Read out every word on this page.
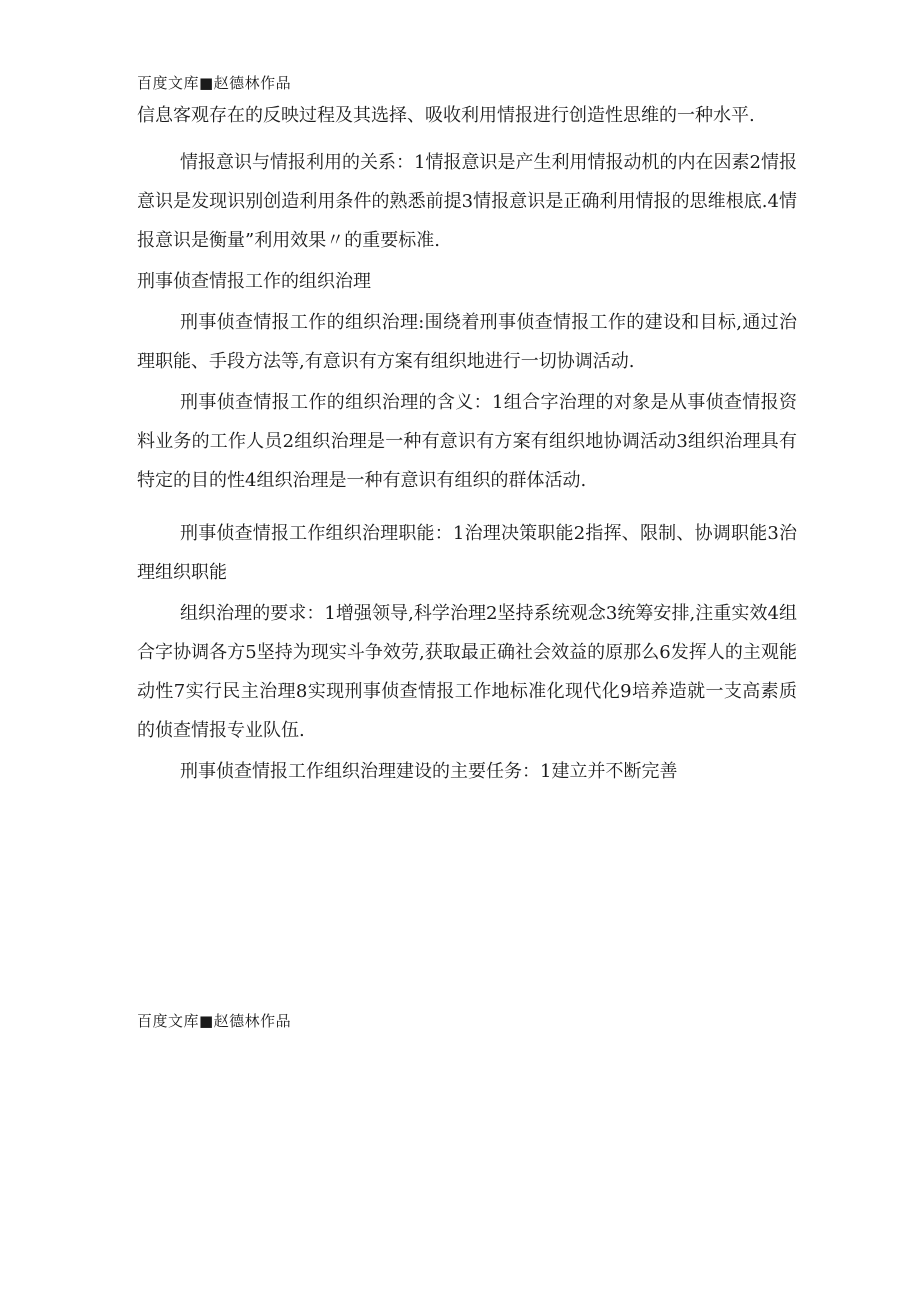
百度文库■赵德林作品

信息客观存在的反映过程及其选择、吸收利用情报进行创造性思维的一种水平.

情报意识与情报利用的关系：1情报意识是产生利用情报动机的内在因素2情报意识是发现识别创造利用条件的熟悉前提3情报意识是正确利用情报的思维根底.4情报意识是衡量”利用效果〃的重要标准.

刑事侦查情报工作的组织治理

刑事侦查情报工作的组织治理:围绕着刑事侦查情报工作的建设和目标,通过治理职能、手段方法等,有意识有方案有组织地进行一切协调活动.

刑事侦查情报工作的组织治理的含义：1组合字治理的对象是从事侦查情报资料业务的工作人员2组织治理是一种有意识有方案有组织地协调活动3组织治理具有特定的目的性4组织治理是一种有意识有组织的群体活动.

刑事侦查情报工作组织治理职能：1治理决策职能2指挥、限制、协调职能3治理组织职能

组织治理的要求：1增强领导,科学治理2坚持系统观念3统筹安排,注重实效4组合字协调各方5坚持为现实斗争效劳,获取最正确社会效益的原那么6发挥人的主观能动性7实行民主治理8实现刑事侦查情报工作地标准化现代化9培养造就一支高素质的侦查情报专业队伍.

刑事侦查情报工作组织治理建设的主要任务：1建立并不断完善

百度文库■赵德林作品
